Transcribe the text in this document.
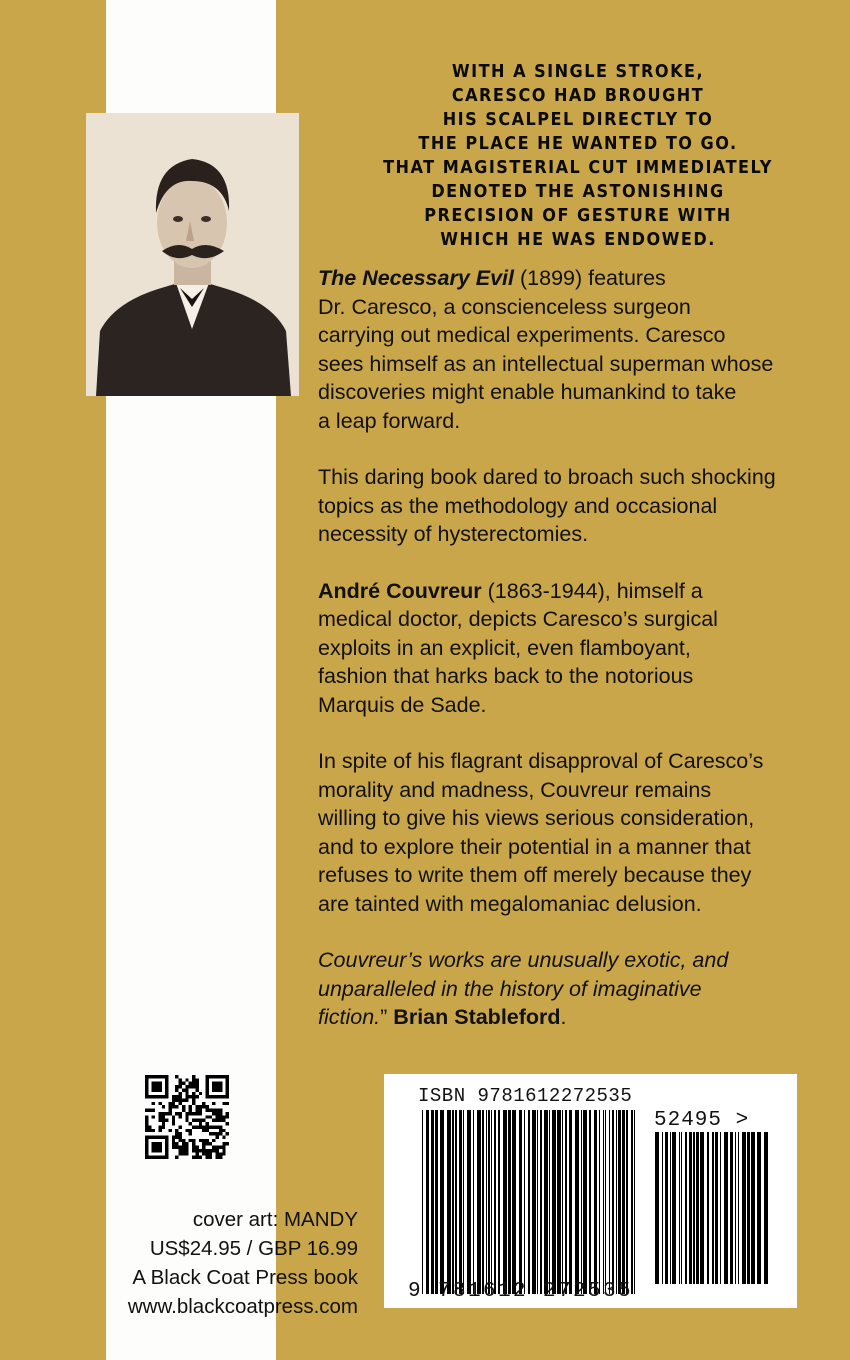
WITH A SINGLE STROKE,
CARESCO HAD BROUGHT
HIS SCALPEL DIRECTLY TO
THE PLACE HE WANTED TO GO.
THAT MAGISTERIAL CUT IMMEDIATELY
DENOTED THE ASTONISHING
PRECISION OF GESTURE WITH
WHICH HE WAS ENDOWED.

The Necessary Evil (1899) features
Dr. Caresco, a conscienceless surgeon
carrying out medical experiments. Caresco
sees himself as an intellectual superman whose
discoveries might enable humankind to take
a leap forward.

This daring book dared to broach such shocking
topics as the methodology and occasional
necessity of hysterectomies.

André Couvreur (1863-1944), himself a
medical doctor, depicts Caresco’s surgical
exploits in an explicit, even flamboyant,
fashion that harks back to the notorious
Marquis de Sade.

In spite of his flagrant disapproval of Caresco’s
morality and madness, Couvreur remains
willing to give his views serious consideration,
and to explore their potential in a manner that
refuses to write them off merely because they
are tainted with megalomaniac delusion.

Couvreur’s works are unusually exotic, and
unparalleled in the history of imaginative
fiction.” Brian Stableford.

cover art: MANDY
US$24.95 / GBP 16.99
A Black Coat Press book
www.blackcoatpress.com
ISBN 9781612272535
52495 >
9 781612 272535
